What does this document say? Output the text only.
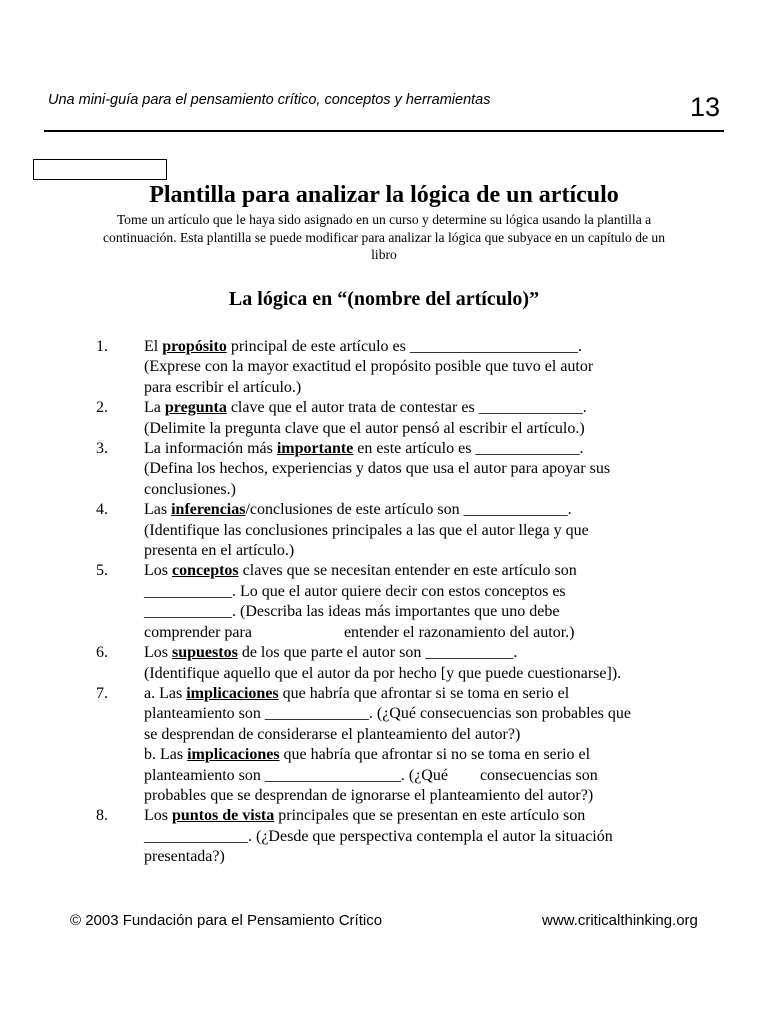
Una mini-guía para el pensamiento crítico, conceptos y herramientas	13
Plantilla para analizar la lógica de un artículo
Tome un artículo que le haya sido asignado en un curso y determine su lógica usando la plantilla a
continuación. Esta plantilla se puede modificar para analizar la lógica que subyace en un capítulo de un
libro
La lógica en “(nombre del artículo)”
1.	El propósito principal de este artículo es _____________________.
(Exprese con la mayor exactitud el propósito posible que tuvo el autor
para escribir el artículo.)
2.	La pregunta clave que el autor trata de contestar es _____________.
(Delimite la pregunta clave que el autor pensó al escribir el artículo.)
3.	La información más importante en este artículo es _____________.
(Defina los hechos, experiencias y datos que usa el autor para apoyar sus
conclusiones.)
4.	Las inferencias/conclusiones de este artículo son _____________.
(Identifique las conclusiones principales a las que el autor llega y que
presenta en el artículo.)
5.	Los conceptos claves que se necesitan entender en este artículo son
___________. Lo que el autor quiere decir con estos conceptos es
___________. (Describa las ideas más importantes que uno debe
comprender para	entender el razonamiento del autor.)
6.	Los supuestos de los que parte el autor son ___________.
(Identifique aquello que el autor da por hecho [y que puede cuestionarse]).
7.	a. Las implicaciones que habría que afrontar si se toma en serio el
planteamiento son _____________. (¿Qué consecuencias son probables que
se desprendan de considerarse el planteamiento del autor?)
b. Las implicaciones que habría que afrontar si no se toma en serio el
planteamiento son _________________. (¿Qué consecuencias son
probables que se desprendan de ignorarse el planteamiento del autor?)
8.	Los puntos de vista principales que se presentan en este artículo son
_____________. (¿Desde que perspectiva contempla el autor la situación
presentada?)
© 2003 Fundación para el Pensamiento Crítico	www.criticalthinking.org
